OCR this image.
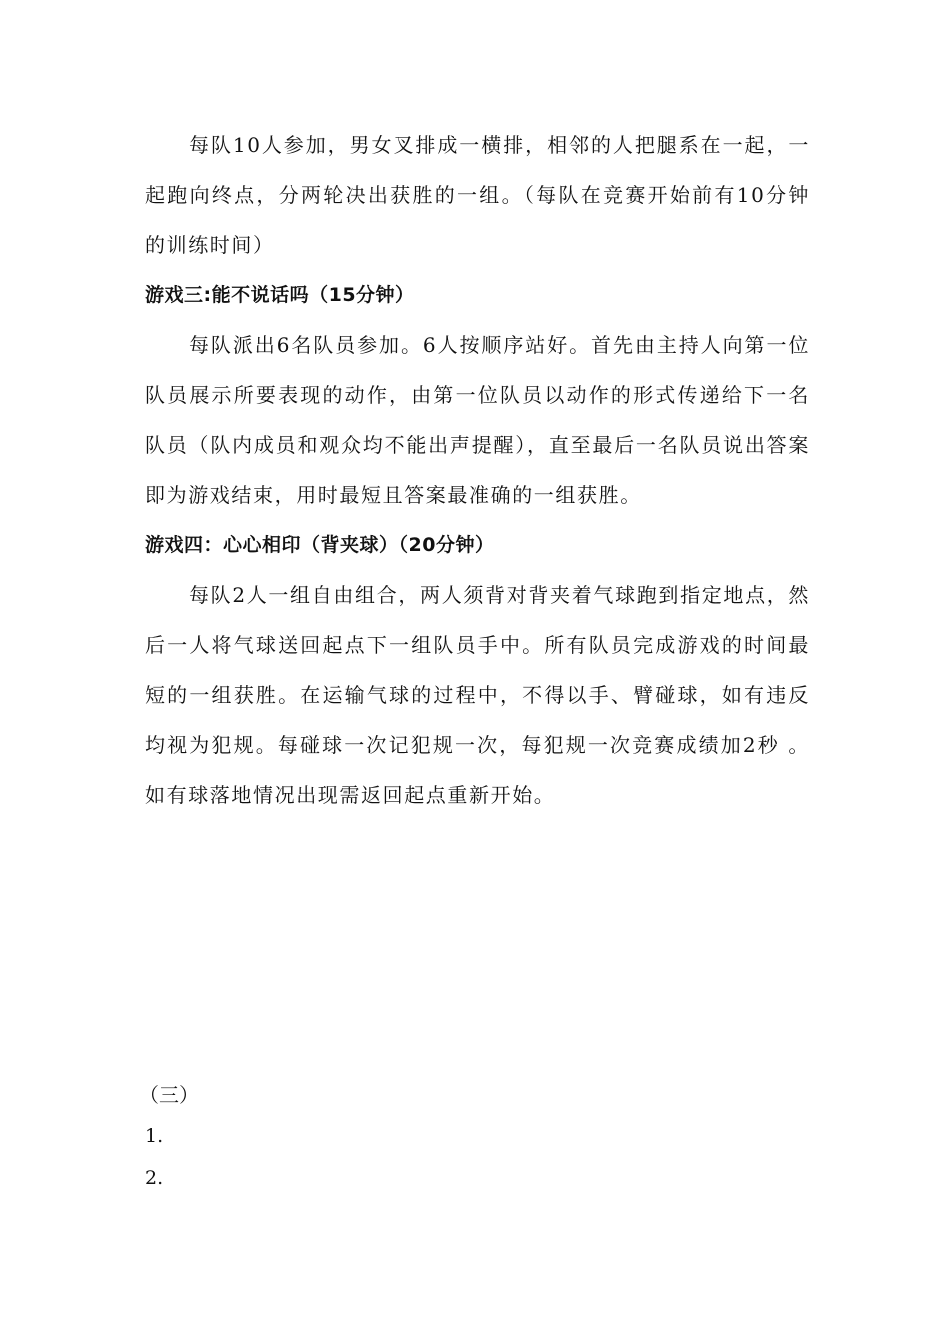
每队10人参加，男女叉排成一横排，相邻的人把腿系在一起，一起跑向终点，分两轮决出获胜的一组。（每队在竞赛开始前有10分钟的训练时间）

游戏三:能不说话吗（15分钟）

每队派出6名队员参加。6人按顺序站好。首先由主持人向第一位队员展示所要表现的动作，由第一位队员以动作的形式传递给下一名队员（队内成员和观众均不能出声提醒），直至最后一名队员说出答案即为游戏结束，用时最短且答案最准确的一组获胜。

游戏四：心心相印（背夹球）（20分钟）

每队2人一组自由组合，两人须背对背夹着气球跑到指定地点，然后一人将气球送回起点下一组队员手中。所有队员完成游戏的时间最短的一组获胜。在运输气球的过程中，不得以手、臂碰球，如有违反均视为犯规。每碰球一次记犯规一次，每犯规一次竞赛成绩加2秒 。如有球落地情况出现需返回起点重新开始。

（三）

1.

2.
